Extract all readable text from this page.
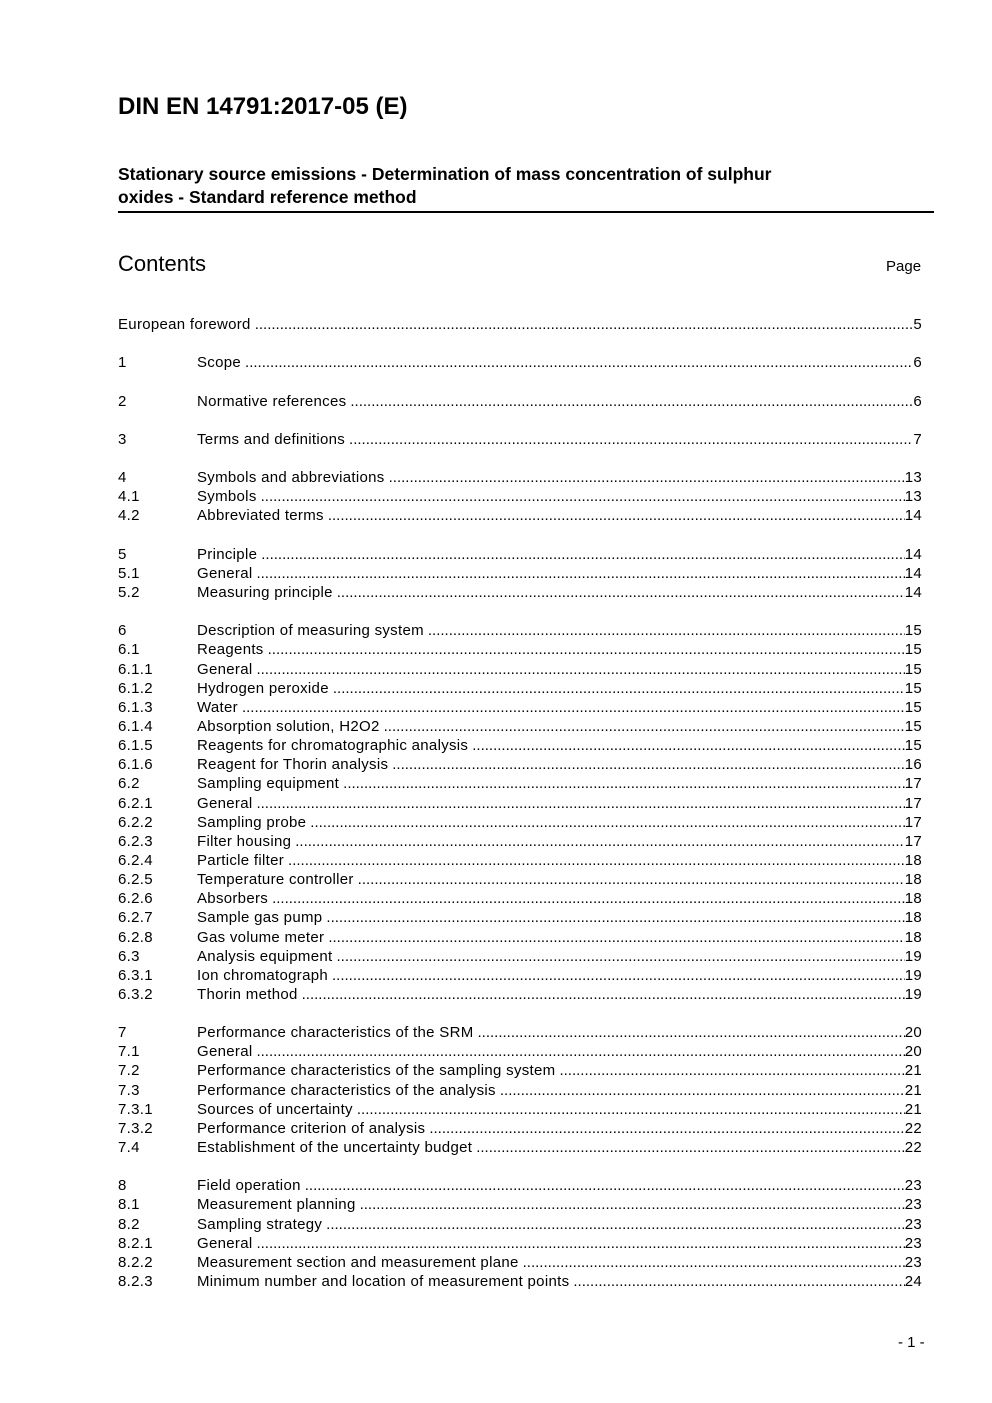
DIN EN 14791:2017-05 (E)
Stationary source emissions - Determination of mass concentration of sulphur
oxides - Standard reference method
Contents	Page
European foreword .....	5
1	Scope .....	6
2	Normative references .....	6
3	Terms and definitions .....	7
4	Symbols and abbreviations .....	13
4.1	Symbols .....	13
4.2	Abbreviated terms .....	14
5	Principle .....	14
5.1	General .....	14
5.2	Measuring principle .....	14
6	Description of measuring system .....	15
6.1	Reagents .....	15
6.1.1	General .....	15
6.1.2	Hydrogen peroxide .....	15
6.1.3	Water .....	15
6.1.4	Absorption solution, H2O2 .....	15
6.1.5	Reagents for chromatographic analysis .....	15
6.1.6	Reagent for Thorin analysis .....	16
6.2	Sampling equipment .....	17
6.2.1	General .....	17
6.2.2	Sampling probe .....	17
6.2.3	Filter housing .....	17
6.2.4	Particle filter .....	18
6.2.5	Temperature controller .....	18
6.2.6	Absorbers .....	18
6.2.7	Sample gas pump .....	18
6.2.8	Gas volume meter .....	18
6.3	Analysis equipment .....	19
6.3.1	Ion chromatograph .....	19
6.3.2	Thorin method .....	19
7	Performance characteristics of the SRM .....	20
7.1	General .....	20
7.2	Performance characteristics of the sampling system .....	21
7.3	Performance characteristics of the analysis .....	21
7.3.1	Sources of uncertainty .....	21
7.3.2	Performance criterion of analysis .....	22
7.4	Establishment of the uncertainty budget .....	22
8	Field operation .....	23
8.1	Measurement planning .....	23
8.2	Sampling strategy .....	23
8.2.1	General .....	23
8.2.2	Measurement section and measurement plane .....	23
8.2.3	Minimum number and location of measurement points .....	24
- 1 -
